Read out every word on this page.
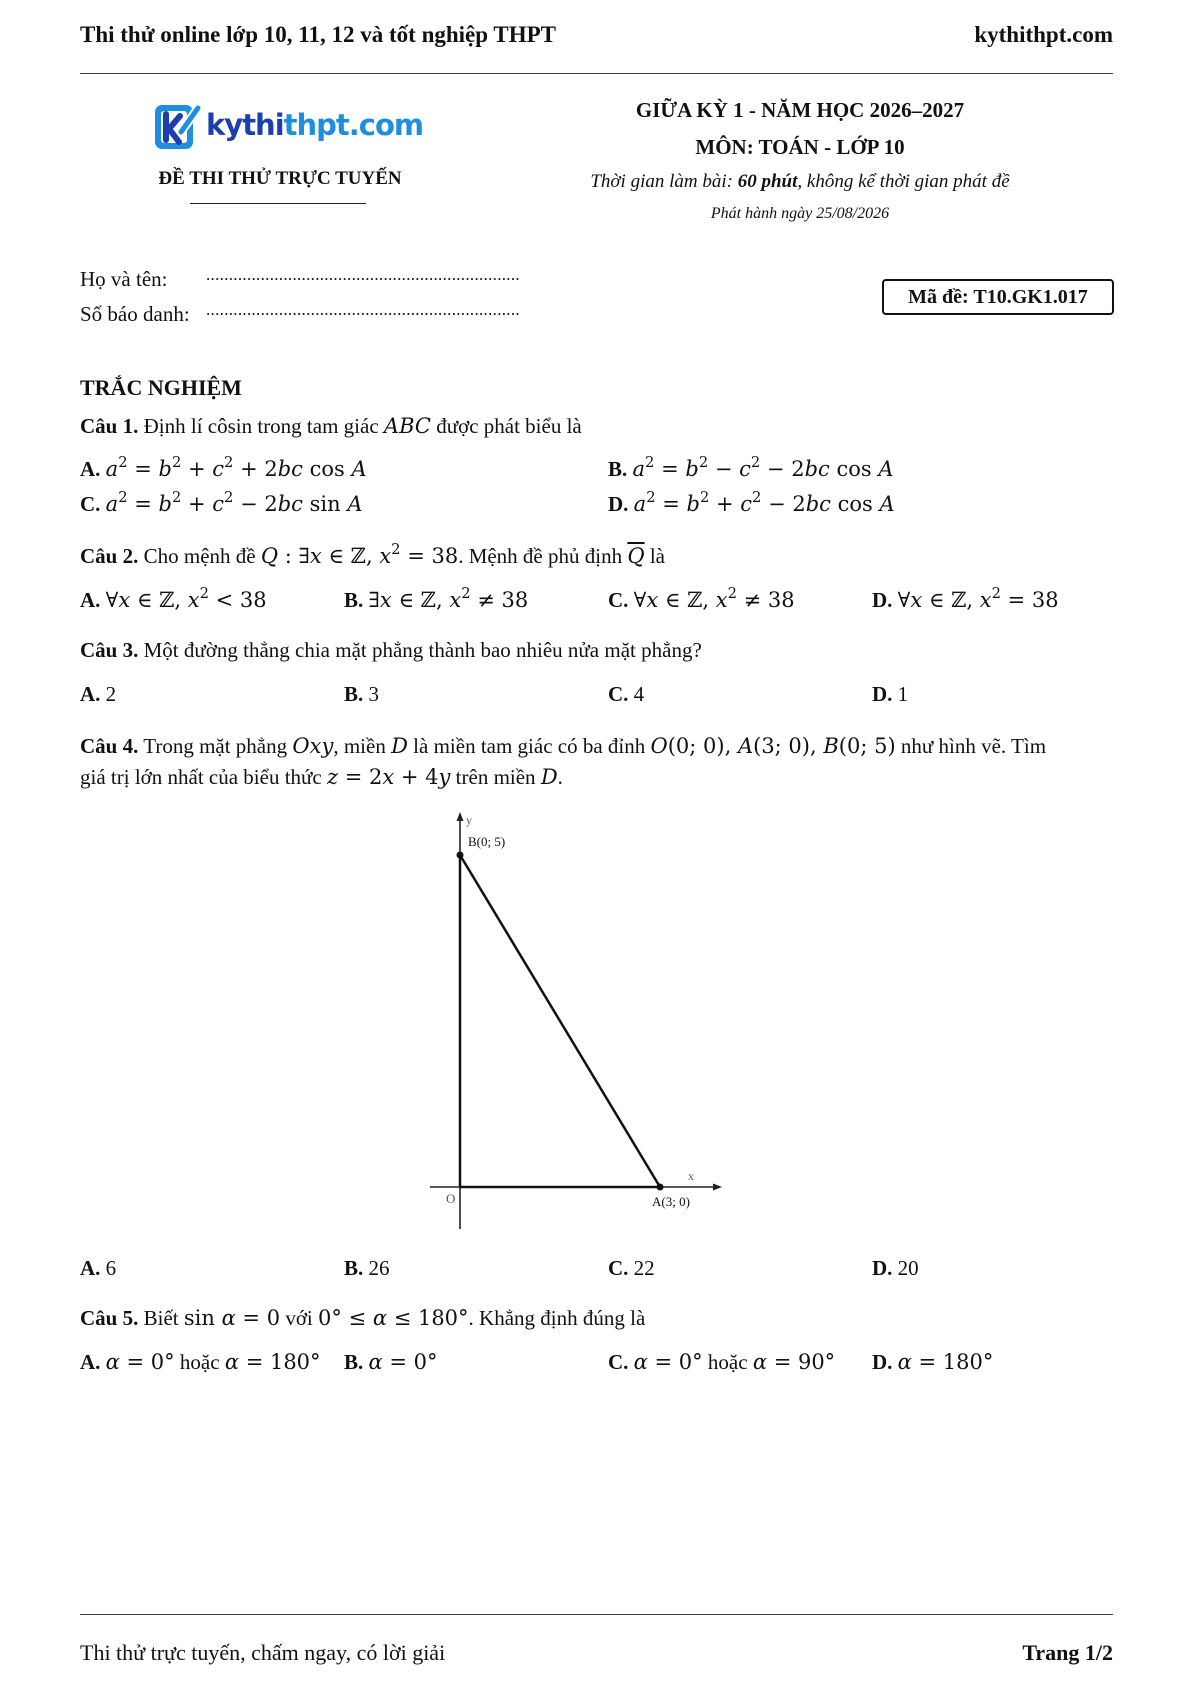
Thi thử online lớp 10, 11, 12 và tốt nghiệp THPT	kythithpt.com
kythithpt.com
ĐỀ THI THỬ TRỰC TUYẾN
GIỮA KỲ 1 - NĂM HỌC 2026–2027
MÔN: TOÁN - LỚP 10
Thời gian làm bài: 60 phút, không kể thời gian phát đề
Phát hành ngày 25/08/2026
Họ và tên: .....................................................................
Số báo danh: .....................................................................
Mã đề: T10.GK1.017
TRẮC NGHIỆM
Câu 1. Định lí côsin trong tam giác ABC được phát biểu là
A. $a^2 = b^2 + c^2 + 2bc$ cos A	B. $a^2 = b^2 - c^2 - 2bc$ cos A
C. $a^2 = b^2 + c^2 - 2bc$ sin A	D. $a^2 = b^2 + c^2 - 2bc$ cos A
Câu 2. Cho mệnh đề Q : ∃x ∈ ℤ, $x^2 = 38$. Mệnh đề phủ định $\overline{Q}$ là
A. ∀x ∈ ℤ, $x^2 < 38$	B. ∃x ∈ ℤ, $x^2 \ne 38$	C. ∀x ∈ ℤ, $x^2 \ne 38$	D. ∀x ∈ ℤ, $x^2 = 38$
Câu 3. Một đường thẳng chia mặt phẳng thành bao nhiêu nửa mặt phẳng?
A. 2	B. 3	C. 4	D. 1
Câu 4. Trong mặt phẳng Oxy, miền D là miền tam giác có ba đỉnh O(0; 0), A(3; 0), B(0; 5) như hình vẽ. Tìm
giá trị lớn nhất của biểu thức z = 2x + 4y trên miền D.
y
B(0; 5)
x
O	A(3; 0)
A. 6	B. 26	C. 22	D. 20
Câu 5. Biết sin α = 0 với 0° ≤ α ≤ 180°. Khẳng định đúng là
A. α = 0° hoặc α = 180° B. α = 0°	C. α = 0° hoặc α = 90° D. α = 180°
Thi thử trực tuyến, chấm ngay, có lời giải	Trang 1/2
